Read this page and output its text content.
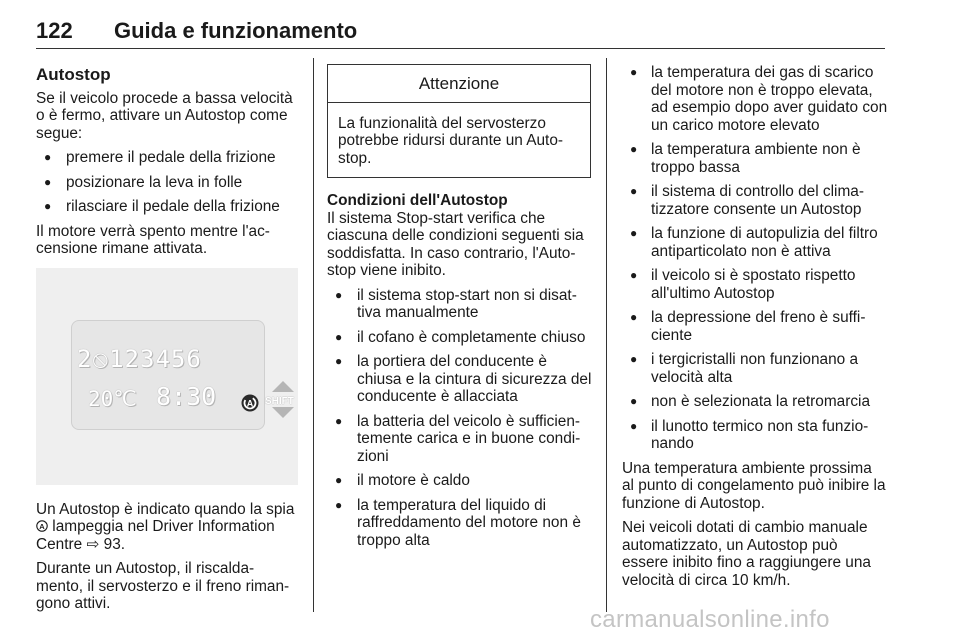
122 Guida e funzionamento
Autostop

Se il veicolo procede a bassa velocità o è fermo, attivare un Autostop come segue:

● premere il pedale della frizione
● posizionare la leva in folle
● rilasciare il pedale della frizione

Il motore verrà spento mentre l'ac-censione rimane attivata.

2⦸123456
20℃ 8:30	A SHIFT

Un Autostop è indicato quando la spia
A lampeggia nel Driver Information Centre ⇨ 93.

Durante un Autostop, il riscalda-mento, il servosterzo e il freno riman-gono attivi.

Attenzione

La funzionalità del servosterzo potrebbe ridursi durante un Auto-stop.

Condizioni dell'Autostop

Il sistema Stop-start verifica che ciascuna delle condizioni seguenti sia soddisfatta. In caso contrario, l'Auto-stop viene inibito.

● il sistema stop-start non si disat-tiva manualmente
● il cofano è completamente chiuso
● la portiera del conducente è chiusa e la cintura di sicurezza del conducente è allacciata
● la batteria del veicolo è sufficien-temente carica e in buone condi-zioni
● il motore è caldo
● la temperatura del liquido di raffreddamento del motore non è troppo alta
● la temperatura dei gas di scarico del motore non è troppo elevata, ad esempio dopo aver guidato con un carico motore elevato
● la temperatura ambiente non è troppo bassa
● il sistema di controllo del clima-tizzatore consente un Autostop
● la funzione di autopulizia del filtro antiparticolato non è attiva
● il veicolo si è spostato rispetto all'ultimo Autostop
● la depressione del freno è suffi-ciente
● i tergicristalli non funzionano a velocità alta
● non è selezionata la retromarcia
● il lunotto termico non sta funzio-nando

Una temperatura ambiente prossima al punto di congelamento può inibire la funzione di Autostop.

Nei veicoli dotati di cambio manuale automatizzato, un Autostop può essere inibito fino a raggiungere una velocità di circa 10 km/h.

carmanualsonline.info
